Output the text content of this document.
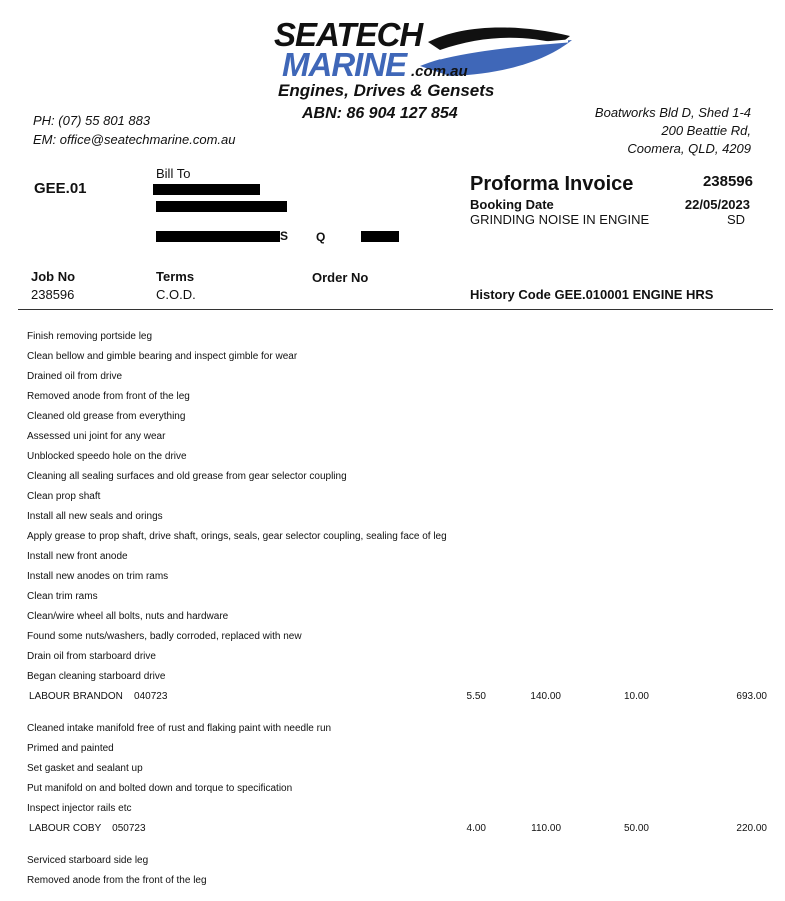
SEATECH
MARINE .com.au
Engines, Drives & Gensets
ABN: 86 904 127 854
PH: (07) 55 801 883
EM: office@seatechmarine.com.au
Boatworks Bld D, Shed 1-4
200 Beattie Rd,
Coomera, QLD, 4209
GEE.01
Bill To
S Q
Proforma Invoice	238596
Booking Date	22/05/2023
GRINDING NOISE IN ENGINE	SD
Job No
238596
Terms
C.O.D.
Order No
History Code GEE.010001 ENGINE HRS
Finish removing portside leg
Clean bellow and gimble bearing and inspect gimble for wear
Drained oil from drive
Removed anode from front of the leg
Cleaned old grease from everything
Assessed uni joint for any wear
Unblocked speedo hole on the drive
Cleaning all sealing surfaces and old grease from gear selector coupling
Clean prop shaft
Install all new seals and orings
Apply grease to prop shaft, drive shaft, orings, seals, gear selector coupling, sealing face of leg
Install new front anode
Install new anodes on trim rams
Clean trim rams
Clean/wire wheel all bolts, nuts and hardware
Found some nuts/washers, badly corroded, replaced with new
Drain oil from starboard drive
Began cleaning starboard drive
LABOUR BRANDON    040723	5.50	140.00	10.00	693.00
Cleaned intake manifold free of rust and flaking paint with needle run
Primed and painted
Set gasket and sealant up
Put manifold on and bolted down and torque to specification
Inspect injector rails etc
LABOUR COBY    050723	4.00	110.00	50.00	220.00
Serviced starboard side leg
Removed anode from the front of the leg
